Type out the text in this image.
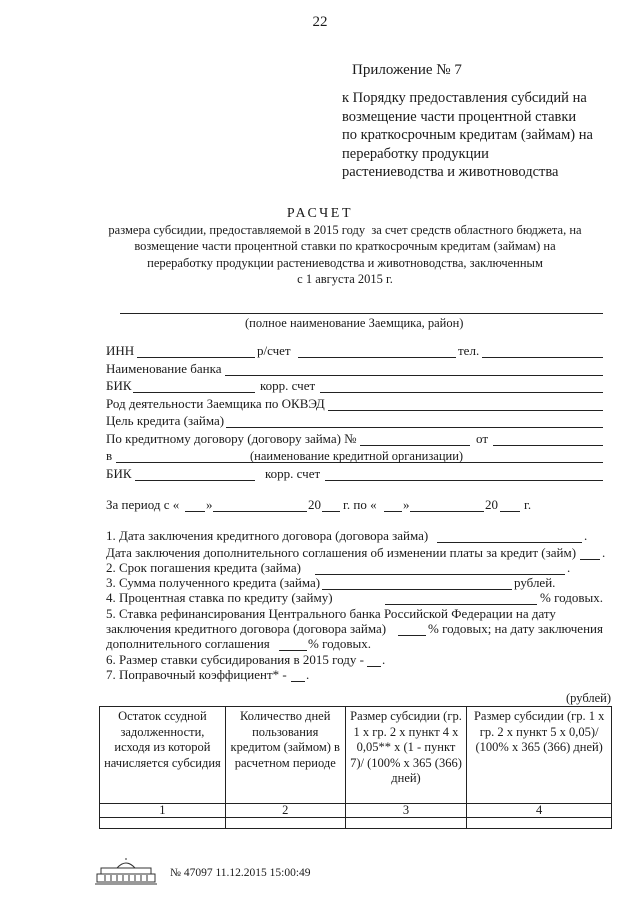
22
Приложение № 7
к Порядку предоставления субсидий на
возмещение части процентной ставки
по краткосрочным кредитам (займам) на
переработку продукции
растениеводства и животноводства
РАСЧЕТ
размера субсидии, предоставляемой в 2015 году  за счет средств областного бюджета, на
возмещение части процентной ставки по краткосрочным кредитам (займам) на
переработку продукции растениеводства и животноводства, заключенным
с 1 августа 2015 г.
(полное наименование Заемщика, район)
ИНН	р/счет	тел.
Наименование банка
БИК	корр. счет
Род деятельности Заемщика по ОКВЭД
Цель кредита (займа)
По кредитному договору (договору займа) №	от
в	(наименование кредитной организации)
БИК	корр. счет
За период с « »	20 г. по « »	20 г.
1. Дата заключения кредитного договора (договора займа)	.
Дата заключения дополнительного соглашения об изменении платы за кредит (займ) .
2. Срок погашения кредита (займа)	.
3. Сумма полученного кредита (займа)	рублей.
4. Процентная ставка по кредиту (займу)	% годовых.
5. Ставка рефинансирования Центрального банка Российской Федерации на дату
заключения кредитного договора (договора займа)	% годовых; на дату заключения
дополнительного соглашения	% годовых.
6. Размер ставки субсидирования в 2015 году - .
7. Поправочный коэффициент* - .
(рублей)
Остаток ссудной задолженности, исходя из которой начисляется субсидия	Количество дней пользования кредитом (займом) в расчетном периоде	Размер субсидии (гр. 1 х гр. 2 х пункт 4 х 0,05** х (1 - пункт 7)/ (100% х 365 (366) дней)	Размер субсидии (гр. 1 х гр. 2 х пункт 5 х 0,05)/ (100% х 365 (366) дней)
1	2	3	4

№ 47097 11.12.2015 15:00:49
